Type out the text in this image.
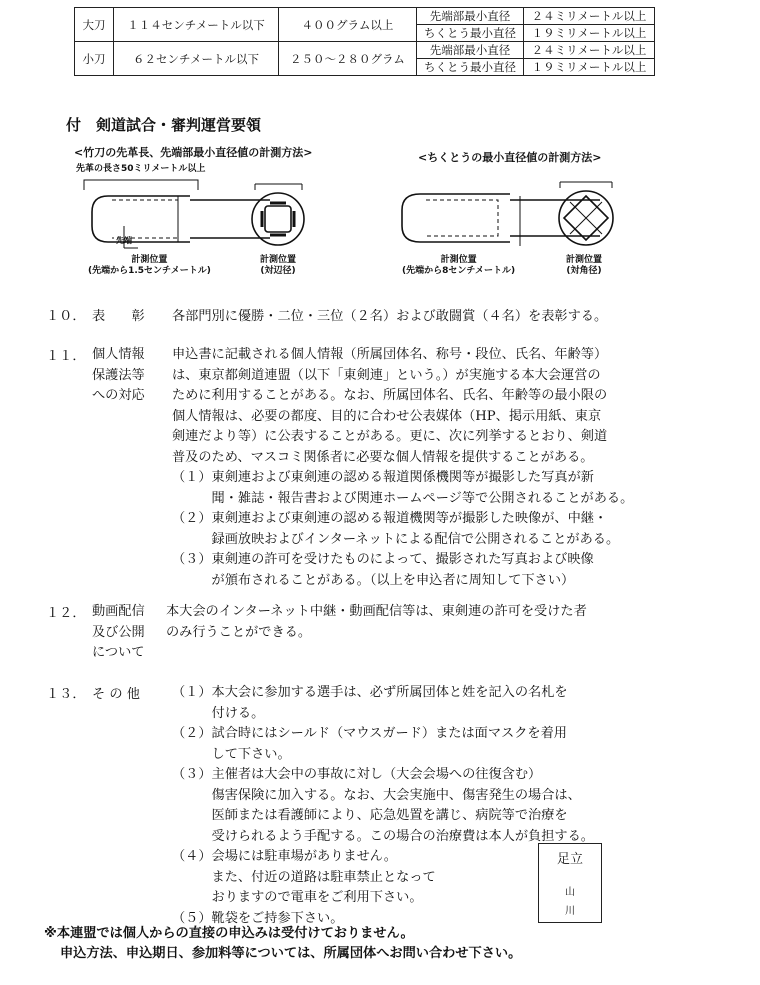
大刀	１１４センチメートル以下	４００グラム以上	先端部最小直径	２４ミリメートル以上
			ちくとう最小直径	１９ミリメートル以上
小刀	６２センチメートル以下	２５０～２８０グラム	先端部最小直径	２４ミリメートル以上
			ちくとう最小直径	１９ミリメートル以上
付　剣道試合・審判運営要領
<竹刀の先革長、先端部最小直径値の計測方法>	<ちくとうの最小直径値の計測方法>
先革の長さ50ミリメートル以上
先端
計測位置
(先端から1.5センチメートル)
計測位置
(対辺径)
計測位置
(先端から8センチメートル)
計測位置
(対角径)
１０． 表　　彰 各部門別に優勝・二位・三位（２名）および敢闘賞（４名）を表彰する。
１１． 個人情報
保護法等
への対応
申込書に記載される個人情報（所属団体名、称号・段位、氏名、年齢等）
は、東京都剣道連盟（以下「東剣連」という。）が実施する本大会運営の
ために利用することがある。なお、所属団体名、氏名、年齢等の最小限の
個人情報は、必要の都度、目的に合わせ公表媒体（HP、掲示用紙、東京
剣連だより等）に公表することがある。更に、次に列挙するとおり、剣道
普及のため、マスコミ関係者に必要な個人情報を提供することがある。
（１）東剣連および東剣連の認める報道関係機関等が撮影した写真が新
　　　聞・雑誌・報告書および関連ホームページ等で公開されることがある。
（２）東剣連および東剣連の認める報道機関等が撮影した映像が、中継・
　　　録画放映およびインターネットによる配信で公開されることがある。
（３）東剣連の許可を受けたものによって、撮影された写真および映像
　　　が頒布されることがある。（以上を申込者に周知して下さい）
１２． 動画配信
及び公開
について
本大会のインターネット中継・動画配信等は、東剣連の許可を受けた者
のみ行うことができる。
１３． そ の 他 （１）本大会に参加する選手は、必ず所属団体と姓を記入の名札を
　　　付ける。
（２）試合時にはシールド（マウスガード）または面マスクを着用
　　　して下さい。
（３）主催者は大会中の事故に対し（大会会場への往復含む）
　　　傷害保険に加入する。なお、大会実施中、傷害発生の場合は、
　　　医師または看護師により、応急処置を講じ、病院等で治療を
　　　受けられるよう手配する。この場合の治療費は本人が負担する。
（４）会場には駐車場がありません。
　　　また、付近の道路は駐車禁止となって
　　　おりますので電車をご利用下さい。
（５）靴袋をご持参下さい。
足立
山
川
※本連盟では個人からの直接の申込みは受付けておりません。
申込方法、申込期日、参加料等については、所属団体へお問い合わせ下さい。
